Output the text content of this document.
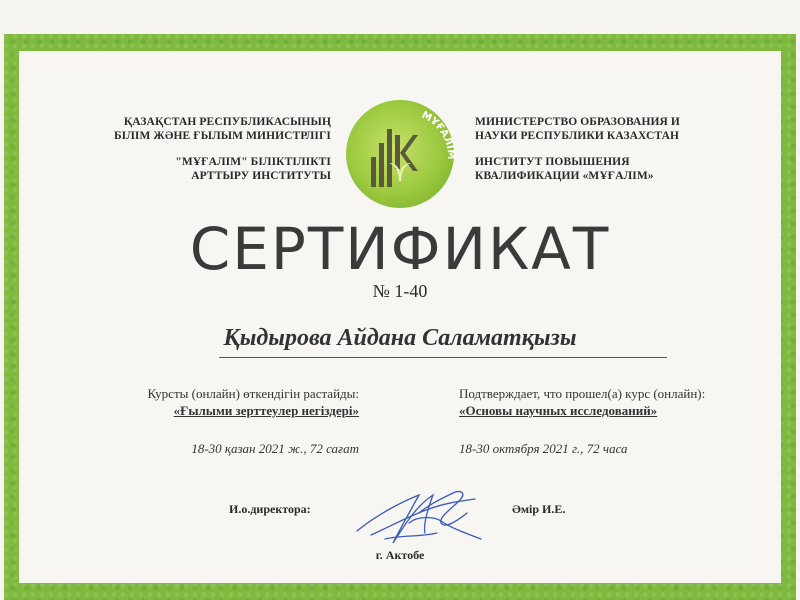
ҚАЗАҚСТАН РЕСПУБЛИКАСЫНЫҢ
БІЛІМ ЖӘНЕ ҒЫЛЫМ МИНИСТРЛІГІ
"МҰҒАЛІМ" БІЛІКТІЛІКТІ
АРТТЫРУ ИНСТИТУТЫ
МҰҒАЛІМ
МИНИСТЕРСТВО ОБРАЗОВАНИЯ И
НАУКИ РЕСПУБЛИКИ КАЗАХСТАН
ИНСТИТУТ ПОВЫШЕНИЯ
КВАЛИФИКАЦИИ «МҰҒАЛІМ»
СЕРТИФИКАТ
№ 1-40
Қыдырова Айдана Саламатқызы
Курсты (онлайн) өткендігін растайды:
«Ғылыми зерттеулер негіздері»
18-30 қазан 2021 ж., 72 сағат
Подтверждает, что прошел(а) курс (онлайн):
«Основы научных исследований»
18-30 октября 2021 г., 72 часа
И.о.директора:	Әмір И.Е.
г. Актобе
